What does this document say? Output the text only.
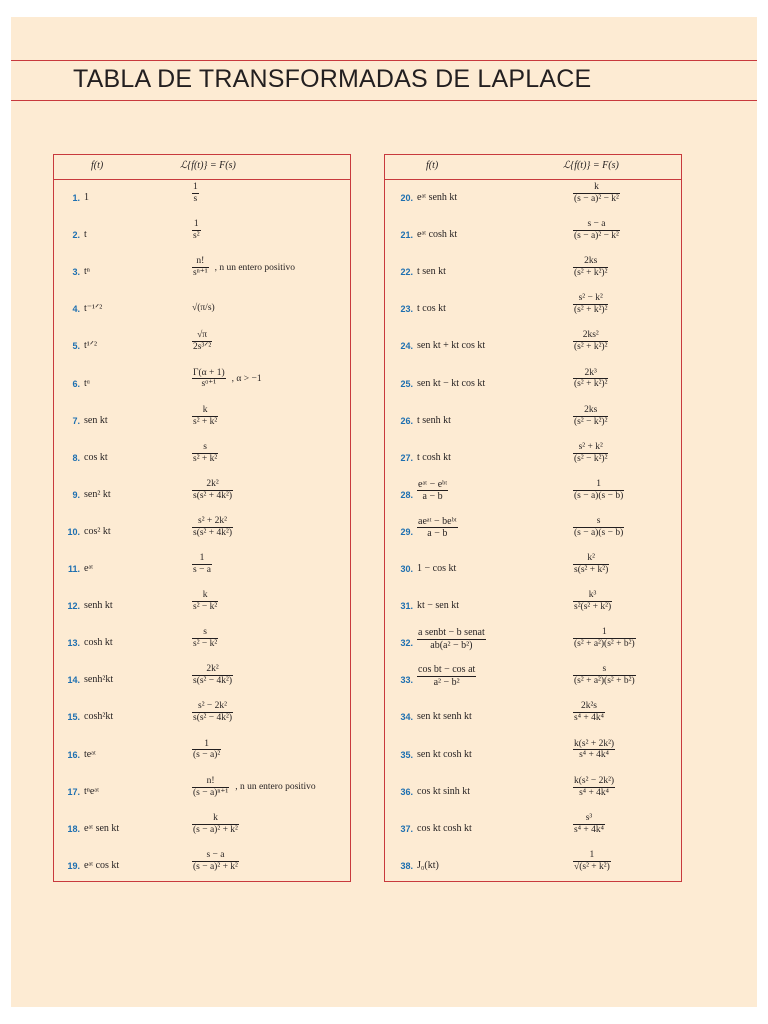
TABLA DE TRANSFORMADAS DE LAPLACE
f(t)	ℒ{f(t)} = F(s)
1. 1	$\frac{1}{s}$
2. t	$\frac{1}{\text{s²}}$
3. tⁿ	$\frac{n!}{\text{sⁿ⁺¹}}$ , n un entero positivo
4. t⁻¹ᐟ²	√(π/s)
5. t¹ᐟ²	$\frac{√\pi}{\text{2s³ᐟ²}}$
6. tᵅ	$\frac{\Gamma(\alpha + 1)}{\text{sᵅ⁺¹}}$ , α > −1
7. sen kt	$\frac{k}{\text{s² + k²}}$
8. cos kt	$\frac{s}{\text{s² + k²}}$
9. sen² kt	$\frac{\text{2k²}}{\text{s(s² + 4k²)}}$
10. cos² kt	$\frac{\text{s² + 2k²}}{\text{s(s² + 4k²)}}$
11. eᵃᵗ	$\frac{1}{s - a}$
12. senh kt	$\frac{k}{\text{s² − k²}}$
13. cosh kt	$\frac{s}{\text{s² − k²}}$
14. senh²kt	$\frac{\text{2k²}}{\text{s(s² − 4k²)}}$
15. cosh²kt	$\frac{\text{s² − 2k²}}{\text{s(s² − 4k²)}}$
16. teᵃᵗ	$\frac{1}{\text{(s − a)²}}$
17. tⁿeᵃᵗ	$\frac{n!}{\text{(s − a)ⁿ⁺¹}}$ , n un entero positivo
18. eᵃᵗ sen kt	$\frac{k}{\text{(s − a)² + k²}}$
19. eᵃᵗ cos kt	$\frac{s - a}{\text{(s − a)² + k²}}$
f(t)	ℒ{f(t)} = F(s)
20. eᵃᵗ senh kt	$\frac{k}{\text{(s − a)² − k²}}$
21. eᵃᵗ cosh kt	$\frac{s - a}{\text{(s − a)² − k²}}$
22. t sen kt	$\frac{2ks}{\text{(s² + k²)²}}$
23. t cos kt	$\frac{\text{s² − k²}}{\text{(s² + k²)²}}$
24. sen kt + kt cos kt	$\frac{\text{2ks²}}{\text{(s² + k²)²}}$
25. sen kt − kt cos kt	$\frac{\text{2k³}}{\text{(s² + k²)²}}$
26. t senh kt	$\frac{2ks}{\text{(s² − k²)²}}$
27. t cosh kt	$\frac{\text{s² + k²}}{\text{(s² − k²)²}}$
28. $\frac{\text{eᵃᵗ − eᵇᵗ}}{a - b}$	$\frac{1}{(s - a)(s - b)}$
29. $\frac{\text{aeᵃᵗ − beᵇᵗ}}{a - b}$	$\frac{s}{(s - a)(s - b)}$
30. 1 − cos kt	$\frac{\text{k²}}{\text{s(s² + k²)}}$
31. kt − sen kt	$\frac{\text{k³}}{\text{s²(s² + k²)}}$
32. $\frac{\text{a senbt − b senat}}{\text{ab(a² − b²)}}$	$\frac{1}{\text{(s² + a²)(s² + b²)}}$
33. $\frac{\text{cos bt − cos at}}{\text{a² − b²}}$	$\frac{s}{\text{(s² + a²)(s² + b²)}}$
34. sen kt senh kt	$\frac{\text{2k²s}}{\text{s⁴ + 4k⁴}}$
35. sen kt cosh kt	$\frac{\text{k(s² + 2k²)}}{\text{s⁴ + 4k⁴}}$
36. cos kt sinh kt	$\frac{\text{k(s² − 2k²)}}{\text{s⁴ + 4k⁴}}$
37. cos kt cosh kt	$\frac{\text{s³}}{\text{s⁴ + 4k⁴}}$
38. J₀(kt)	$\frac{1}{\text{√(s² + k²)}}$
